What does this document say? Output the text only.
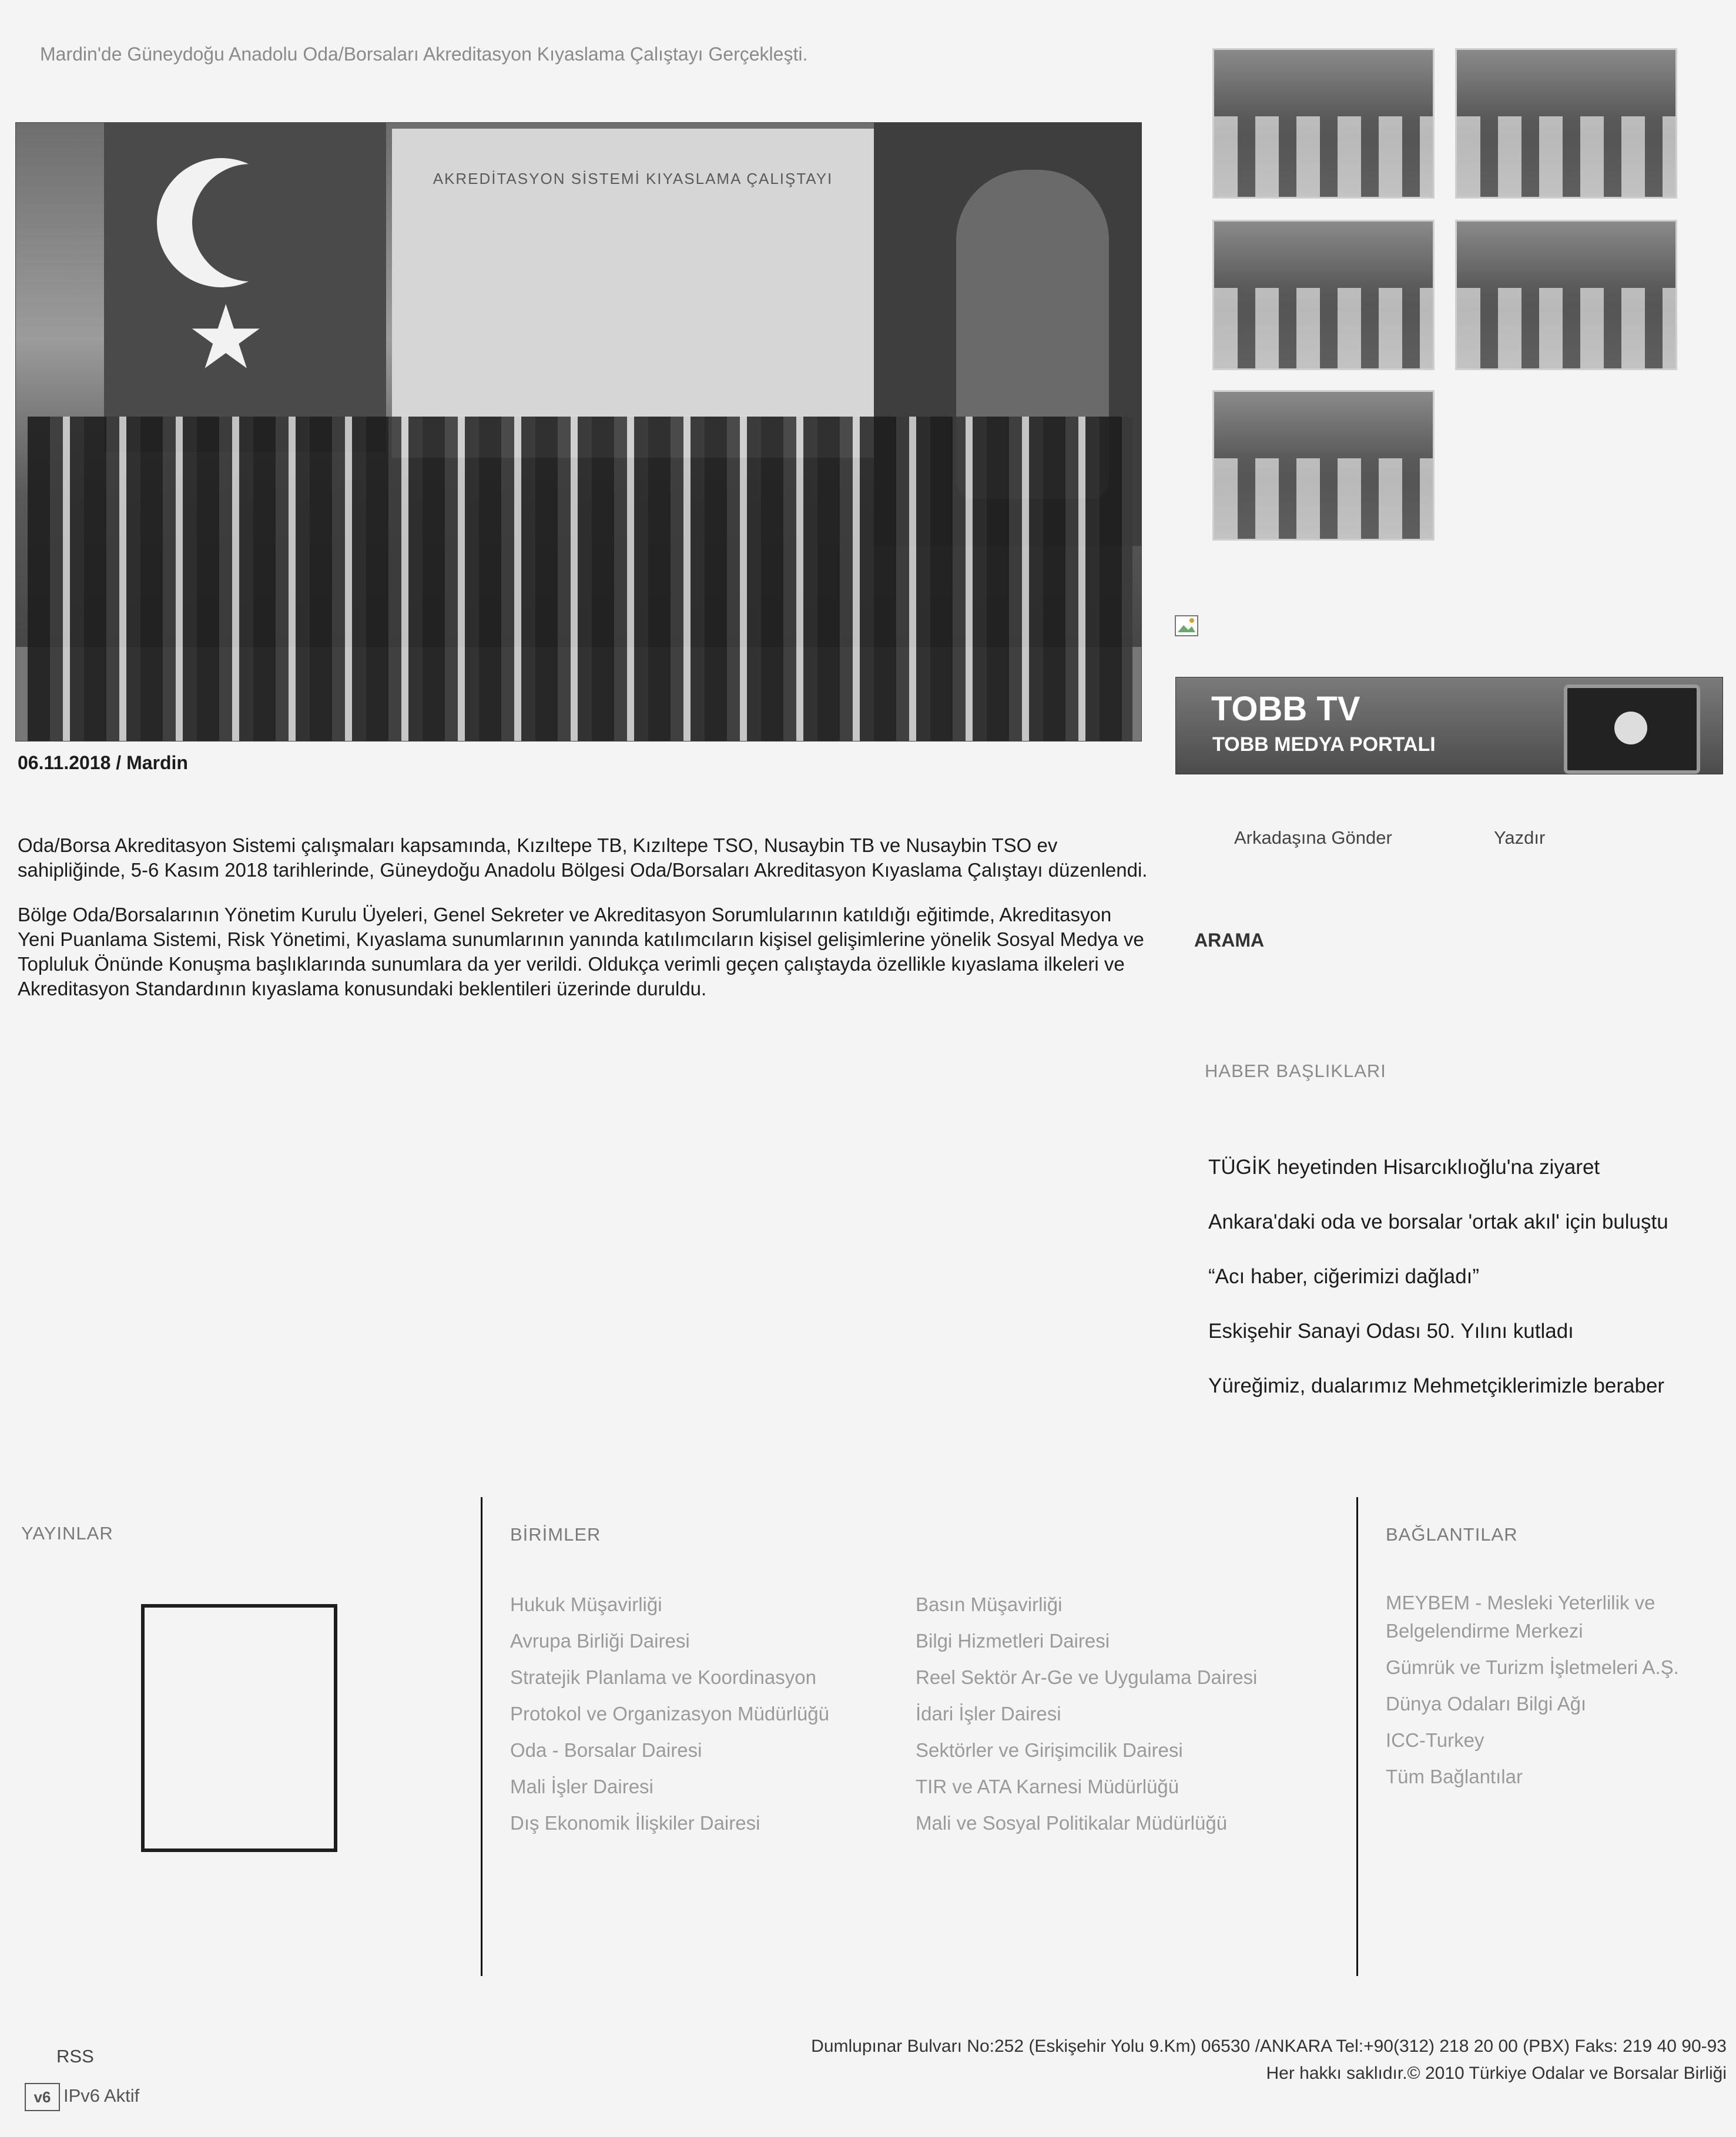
Mardin'de Güneydoğu Anadolu Oda/Borsaları Akreditasyon Kıyaslama Çalıştayı Gerçekleşti.
★
AKREDİTASYON SİSTEMİ KIYASLAMA ÇALIŞTAYI
06.11.2018 / Mardin
TOBB TV
TOBB MEDYA PORTALI

Oda/Borsa Akreditasyon Sistemi çalışmaları kapsamında, Kızıltepe TB, Kızıltepe TSO, Nusaybin TB ve Nusaybin TSO ev sahipliğinde, 5-6 Kasım 2018 tarihlerinde, Güneydoğu Anadolu Bölgesi Oda/Borsaları Akreditasyon Kıyaslama Çalıştayı düzenlendi.

Bölge Oda/Borsalarının Yönetim Kurulu Üyeleri, Genel Sekreter ve Akreditasyon Sorumlularının katıldığı eğitimde, Akreditasyon Yeni Puanlama Sistemi, Risk Yönetimi, Kıyaslama sunumlarının yanında katılımcıların kişisel gelişimlerine yönelik Sosyal Medya ve Topluluk Önünde Konuşma başlıklarında sunumlara da yer verildi. Oldukça verimli geçen çalıştayda özellikle kıyaslama ilkeleri ve Akreditasyon Standardının kıyaslama konusundaki beklentileri üzerinde duruldu.

Arkadaşına Gönder	Yazdır
ARAMA
HABER BAŞLIKLARI
TÜGİK heyetinden Hisarcıklıoğlu'na ziyaret
Ankara'daki oda ve borsalar 'ortak akıl' için buluştu
“Acı haber, ciğerimizi dağladı”
Eskişehir Sanayi Odası 50. Yılını kutladı
Yüreğimiz, dualarımız Mehmetçiklerimizle beraber
YAYINLAR	BİRİMLER
Hukuk Müşavirliği
Avrupa Birliği Dairesi
Stratejik Planlama ve Koordinasyon
Protokol ve Organizasyon Müdürlüğü
Oda - Borsalar Dairesi
Mali İşler Dairesi
Dış Ekonomik İlişkiler Dairesi
Basın Müşavirliği
Bilgi Hizmetleri Dairesi
Reel Sektör Ar-Ge ve Uygulama Dairesi
İdari İşler Dairesi
Sektörler ve Girişimcilik Dairesi
TIR ve ATA Karnesi Müdürlüğü
Mali ve Sosyal Politikalar Müdürlüğü
BAĞLANTILAR
MEYBEM - Mesleki Yeterlilik ve
Belgelendirme Merkezi
Gümrük ve Turizm İşletmeleri A.Ş.
Dünya Odaları Bilgi Ağı
ICC-Turkey
Tüm Bağlantılar
Dumlupınar Bulvarı No:252 (Eskişehir Yolu 9.Km) 06530 /ANKARA Tel:+90(312) 218 20 00 (PBX) Faks: 219 40 90-93
Her hakkı saklıdır.© 2010 Türkiye Odalar ve Borsalar Birliği
RSS
v6 IPv6 Aktif
